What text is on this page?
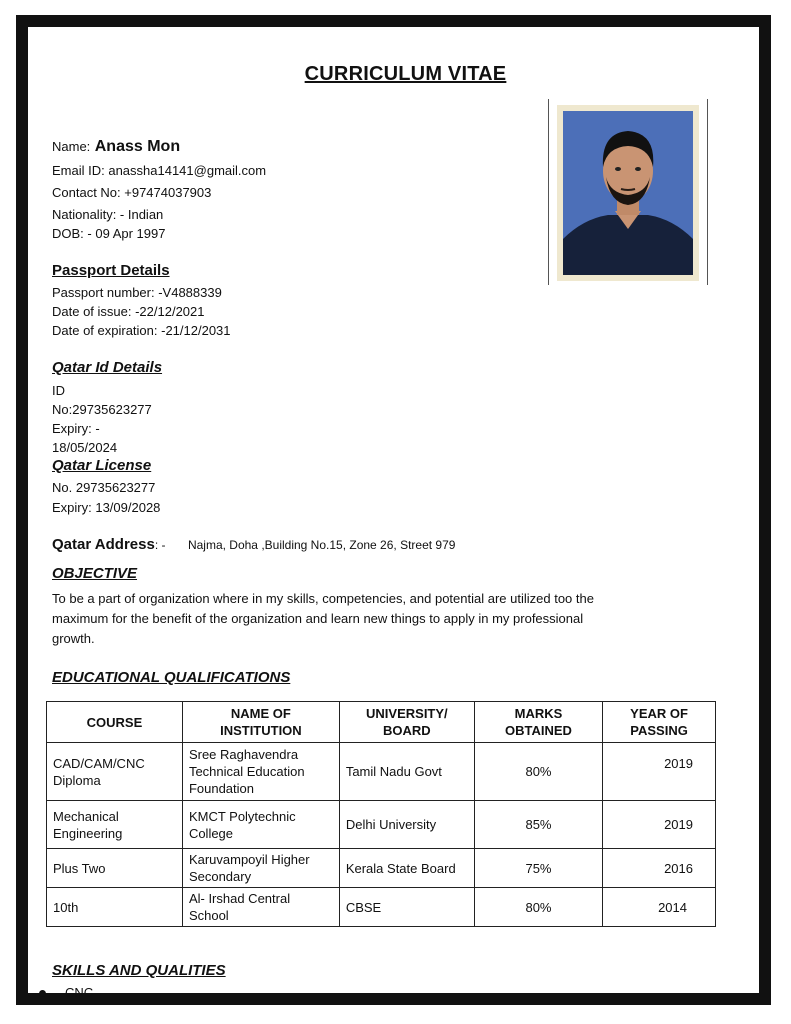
CURRICULUM VITAE
Name: Anass Mon
Email ID: anassha14141@gmail.com
Contact No: +97474037903
Nationality: - Indian
DOB: - 09 Apr 1997
Passport Details
Passport number: -V4888339
Date of issue: -22/12/2021
Date of expiration: -21/12/2031
Qatar Id Details
ID
No:29735623277
Expiry: -
18/05/2024
Qatar License
No. 29735623277
Expiry: 13/09/2028
Qatar Address: - Najma, Doha ,Building No.15, Zone 26, Street 979
OBJECTIVE
To be a part of organization where in my skills, competencies, and potential are utilized too the
maximum for the benefit of the organization and learn new things to apply in my professional
growth.
EDUCATIONAL QUALIFICATIONS
COURSE	NAME OF INSTITUTION	UNIVERSITY/ BOARD	MARKS OBTAINED	YEAR OF PASSING
CAD/CAM/CNC Diploma	Sree Raghavendra Technical Education Foundation	Tamil Nadu Govt	80%	2019
Mechanical Engineering	KMCT Polytechnic College	Delhi University	85%	2019
Plus Two	Karuvampoyil Higher Secondary	Kerala State Board	75%	2016
10th	Al- Irshad Central School	CBSE	80%	2014
SKILLS AND QUALITIES
CNC
